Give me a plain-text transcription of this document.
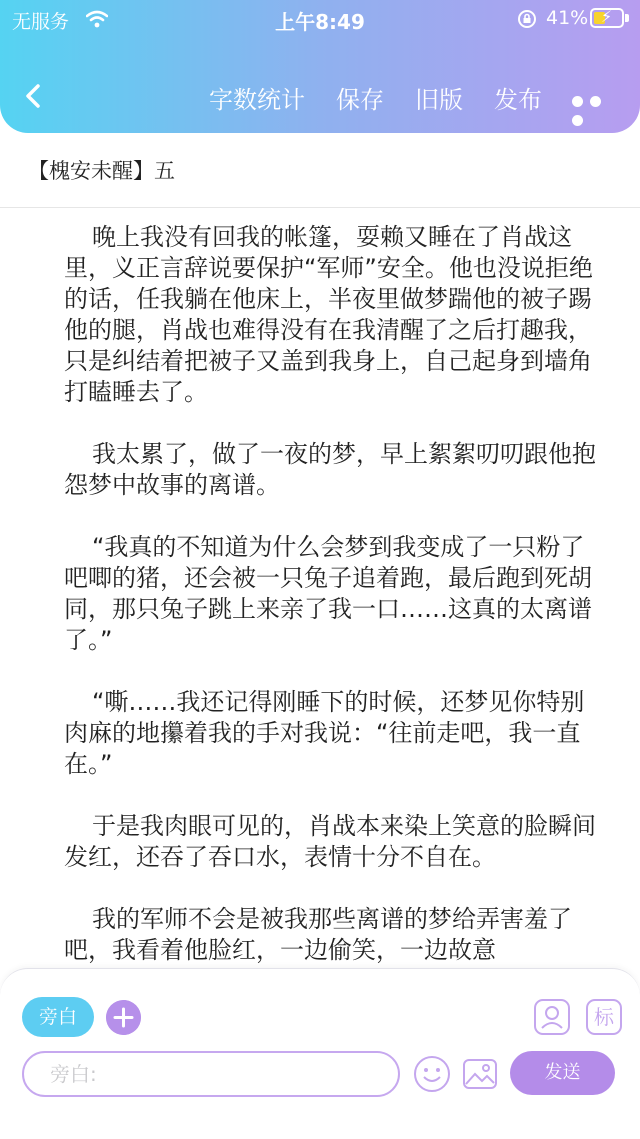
无服务	上午8:49	41% ⚡
字数统计 保存 旧版 发布
【槐安未醒】五

晚上我没有回我的帐篷，耍赖又睡在了肖战这里，义正言辞说要保护“军师”安全。他也没说拒绝的话，任我躺在他床上，半夜里做梦踹他的被子踢他的腿，肖战也难得没有在我清醒了之后打趣我，只是纠结着把被子又盖到我身上，自己起身到墙角打瞌睡去了。

我太累了，做了一夜的梦，早上絮絮叨叨跟他抱怨梦中故事的离谱。

“我真的不知道为什么会梦到我变成了一只粉了吧唧的猪，还会被一只兔子追着跑，最后跑到死胡同，那只兔子跳上来亲了我一口……这真的太离谱了。”

“嘶……我还记得刚睡下的时候，还梦见你特别肉麻的地攥着我的手对我说：“往前走吧，我一直在。”

于是我肉眼可见的，肖战本来染上笑意的脸瞬间发红，还吞了吞口水，表情十分不自在。

我的军师不会是被我那些离谱的梦给弄害羞了吧，我看着他脸红，一边偷笑，一边故意

旁白	标
旁白:
发送
